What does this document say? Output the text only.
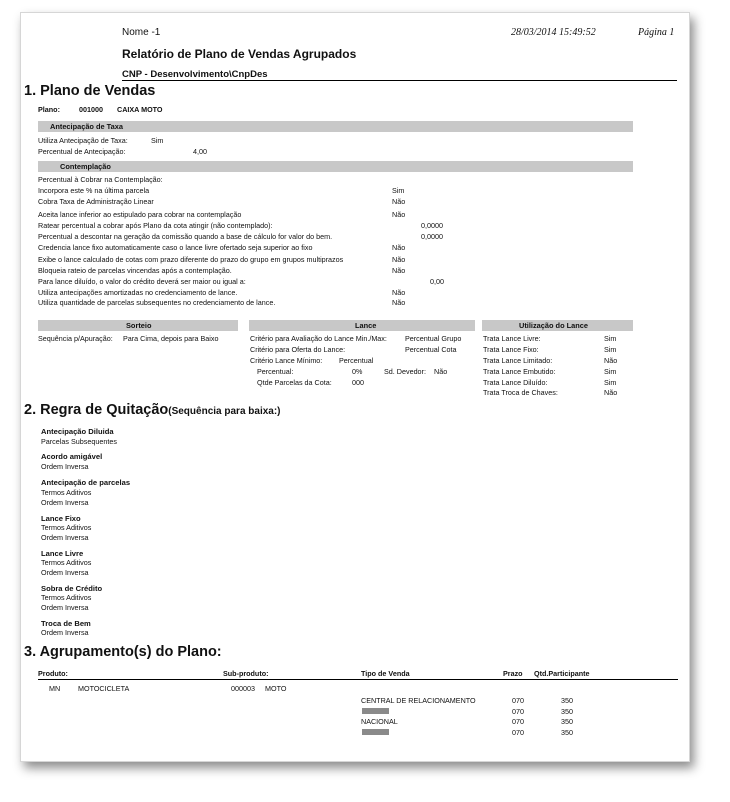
Nome -1	28/03/2014 15:49:52	Página 1
Relatório de Plano de Vendas Agrupados
CNP - Desenvolvimento\CnpDes
1. Plano de Vendas
Plano:	001000 CAIXA MOTO
Antecipação de Taxa
Utiliza Antecipação de Taxa:	Sim
Percentual de Antecipação:	4,00
Contemplação
Percentual à Cobrar na Contemplação:
Incorpora este % na última parcela	Sim
Cobra Taxa de Administração Linear	Não
Aceita lance inferior ao estipulado para cobrar na contemplação	Não
Ratear percentual a cobrar após Plano da cota atingir (não contemplado):	0,0000
Percentual a descontar na geração da comissão quando a base de cálculo for valor do bem.	0,0000
Credencia lance fixo automaticamente caso o lance livre ofertado seja superior ao fixo	Não
Exibe o lance calculado de cotas com prazo diferente do prazo do grupo em grupos multiprazos	Não
Bloqueia rateio de parcelas vincendas após a contemplação.	Não
Para lance diluído, o valor do crédito deverá ser maior ou igual a:	0,00
Utiliza antecipações amortizadas no credenciamento de lance.	Não
Utiliza quantidade de parcelas subsequentes no credenciamento de lance.	Não
Sorteio
Sequência p/Apuração: Para Cima, depois para Baixo
Lance
Critério para Avaliação do Lance Min./Max:	Percentual Grupo
Critério para Oferta do Lance:	Percentual Cota
Critério Lance Mínimo: Percentual
Percentual:	0%	Sd. Devedor: Não
Qtde Parcelas da Cota:	000
Utilização do Lance
Trata Lance Livre:	Sim
Trata Lance Fixo:	Sim
Trata Lance Limitado:	Não
Trata Lance Embutido:	Sim
Trata Lance Diluído:	Sim
Trata Troca de Chaves:	Não
2. Regra de Quitação(Sequência para baixa:)
Antecipação Diluida
Parcelas Subsequentes
Acordo amigável
Ordem Inversa
Antecipação de parcelas
Termos Aditivos
Ordem Inversa
Lance Fixo
Termos Aditivos
Ordem Inversa
Lance Livre
Termos Aditivos
Ordem Inversa
Sobra de Crédito
Termos Aditivos
Ordem Inversa
Troca de Bem
Ordem Inversa
3. Agrupamento(s) do Plano:
Produto:	Sub-produto:	Tipo de Venda	Prazo Qtd.Participante
MN MOTOCICLETA	000003 MOTO
CENTRAL DE RELACIONAMENTO	070	350
070	350
NACIONAL	070	350
070	350
